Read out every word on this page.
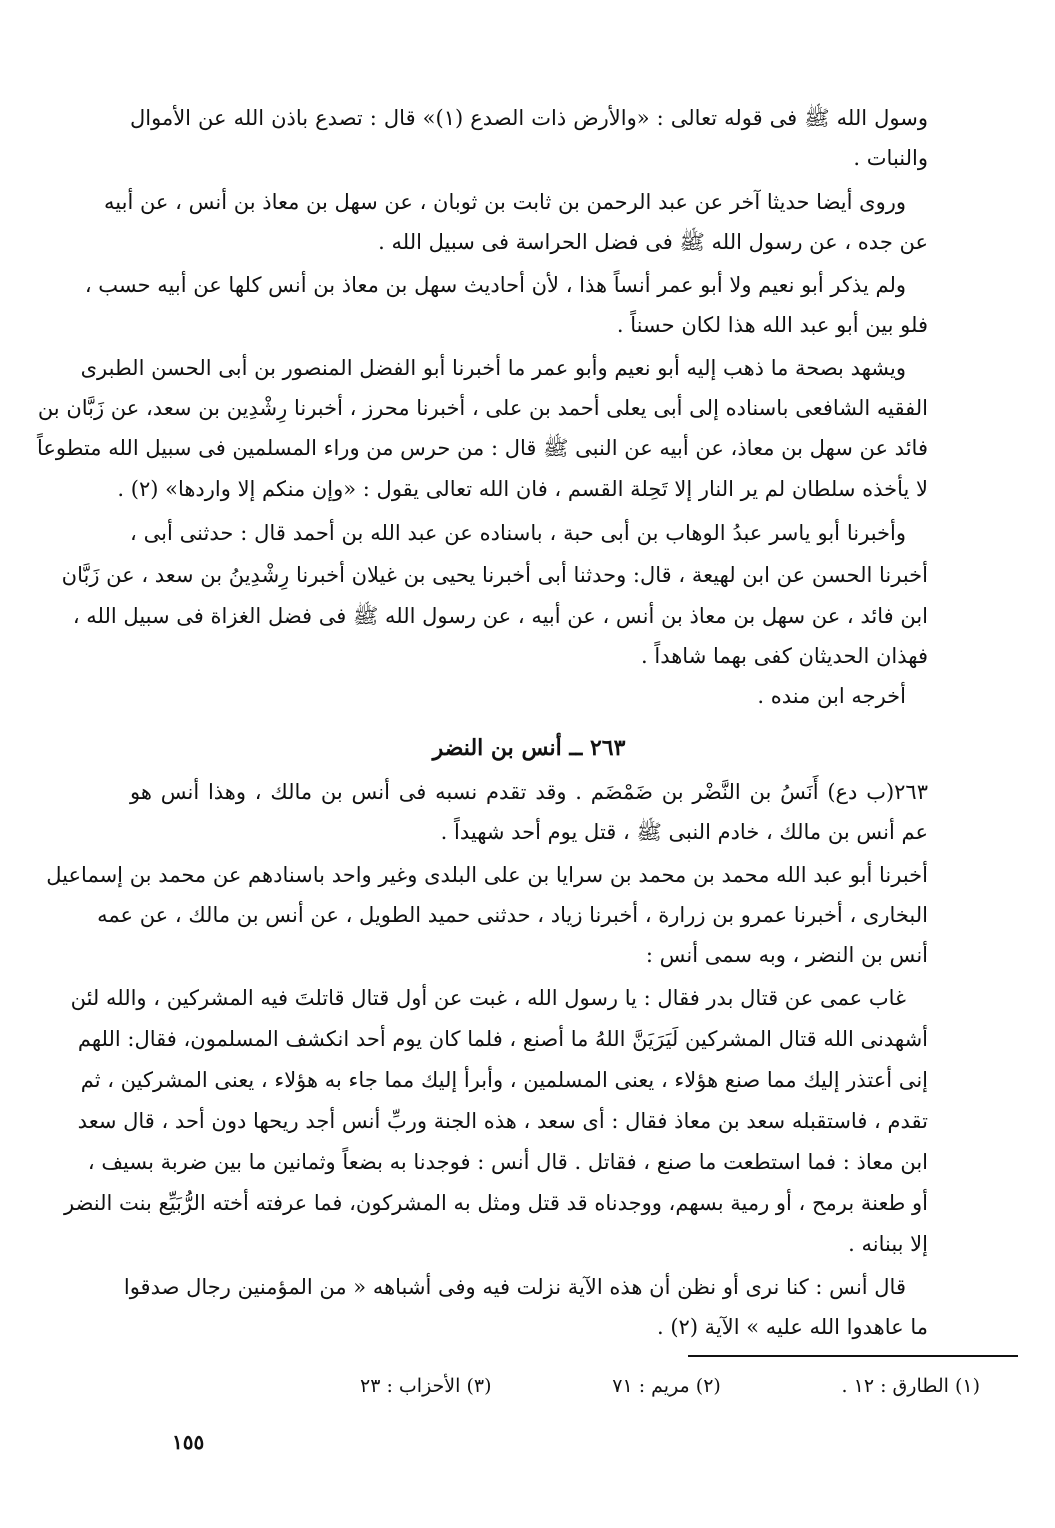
وسول الله ﷺ فى قوله تعالى : «والأرض ذات الصدع (١)» قال : تصدع باذن الله عن الأموال
والنبات .
وروى أيضا حديثا آخر عن عبد الرحمن بن ثابت بن ثوبان ، عن سهل بن معاذ بن أنس ، عن أبيه
عن جده ، عن رسول الله ﷺ فى فضل الحراسة فى سبيل الله .
ولم يذكر أبو نعيم ولا أبو عمر أنساً هذا ، لأن أحاديث سهل بن معاذ بن أنس كلها عن أبيه حسب ،
فلو بين أبو عبد الله هذا لكان حسناً .
ويشهد بصحة ما ذهب إليه أبو نعيم وأبو عمر ما أخبرنا أبو الفضل المنصور بن أبى الحسن الطبرى
الفقيه الشافعى باسناده إلى أبى يعلى أحمد بن على ، أخبرنا محرز ، أخبرنا رِشْدِين بن سعد، عن زَبَّان بن
فائد عن سهل بن معاذ، عن أبيه عن النبى ﷺ قال : من حرس من وراء المسلمين فى سبيل الله متطوعاً
لا يأخذه سلطان لم ير النار إلا تَحِلة القسم ، فان الله تعالى يقول : «وإن منكم إلا واردها» (٢) .
وأخبرنا أبو ياسر عبدُ الوهاب بن أبى حبة ، باسناده عن عبد الله بن أحمد قال : حدثنى أبى ،
أخبرنا الحسن عن ابن لهيعة ، قال: وحدثنا أبى أخبرنا يحيى بن غيلان أخبرنا رِشْدِينُ بن سعد ، عن زَبَّان
ابن فائد ، عن سهل بن معاذ بن أنس ، عن أبيه ، عن رسول الله ﷺ فى فضل الغزاة فى سبيل الله ،
فهذان الحديثان كفى بهما شاهداً .
أخرجه ابن منده .
٢٦٣ ــ أنس بن النضر
٢٦٣(ب دع) أَنَسُ بن النَّضْر بن ضَمْضَم . وقد تقدم نسبه فى أنس بن مالك ، وهذا أنس هو
عم أنس بن مالك ، خادم النبى ﷺ ، قتل يوم أحد شهيداً .
أخبرنا أبو عبد الله محمد بن محمد بن سرايا بن على البلدى وغير واحد باسنادهم عن محمد بن إسماعيل
البخارى ، أخبرنا عمرو بن زرارة ، أخبرنا زياد ، حدثنى حميد الطويل ، عن أنس بن مالك ، عن عمه
أنس بن النضر ، وبه سمى أنس :
غاب عمى عن قتال بدر فقال : يا رسول الله ، غبت عن أول قتال قاتلتَ فيه المشركين ، والله لئن
أشهدنى الله قتال المشركين لَيَرَيَنَّ اللهُ ما أصنع ، فلما كان يوم أحد انكشف المسلمون، فقال: اللهم
إنى أعتذر إليك مما صنع هؤلاء ، يعنى المسلمين ، وأبرأ إليك مما جاء به هؤلاء ، يعنى المشركين ، ثم
تقدم ، فاستقبله سعد بن معاذ فقال : أى سعد ، هذه الجنة وربِّ أنس أجد ريحها دون أحد ، قال سعد
ابن معاذ : فما استطعت ما صنع ، فقاتل . قال أنس : فوجدنا به بضعاً وثمانين ما بين ضربة بسيف ،
أو طعنة برمح ، أو رمية بسهم، ووجدناه قد قتل ومثل به المشركون، فما عرفته أخته الرُّبَيِّع بنت النضر
إلا ببنانه .
قال أنس : كنا نرى أو نظن أن هذه الآية نزلت فيه وفى أشباهه « من المؤمنين رجال صدقوا
ما عاهدوا الله عليه » الآية (٢) .
(١) الطارق : ١٢ .
(٢) مريم : ٧١
(٣) الأحزاب : ٢٣
١٥٥
